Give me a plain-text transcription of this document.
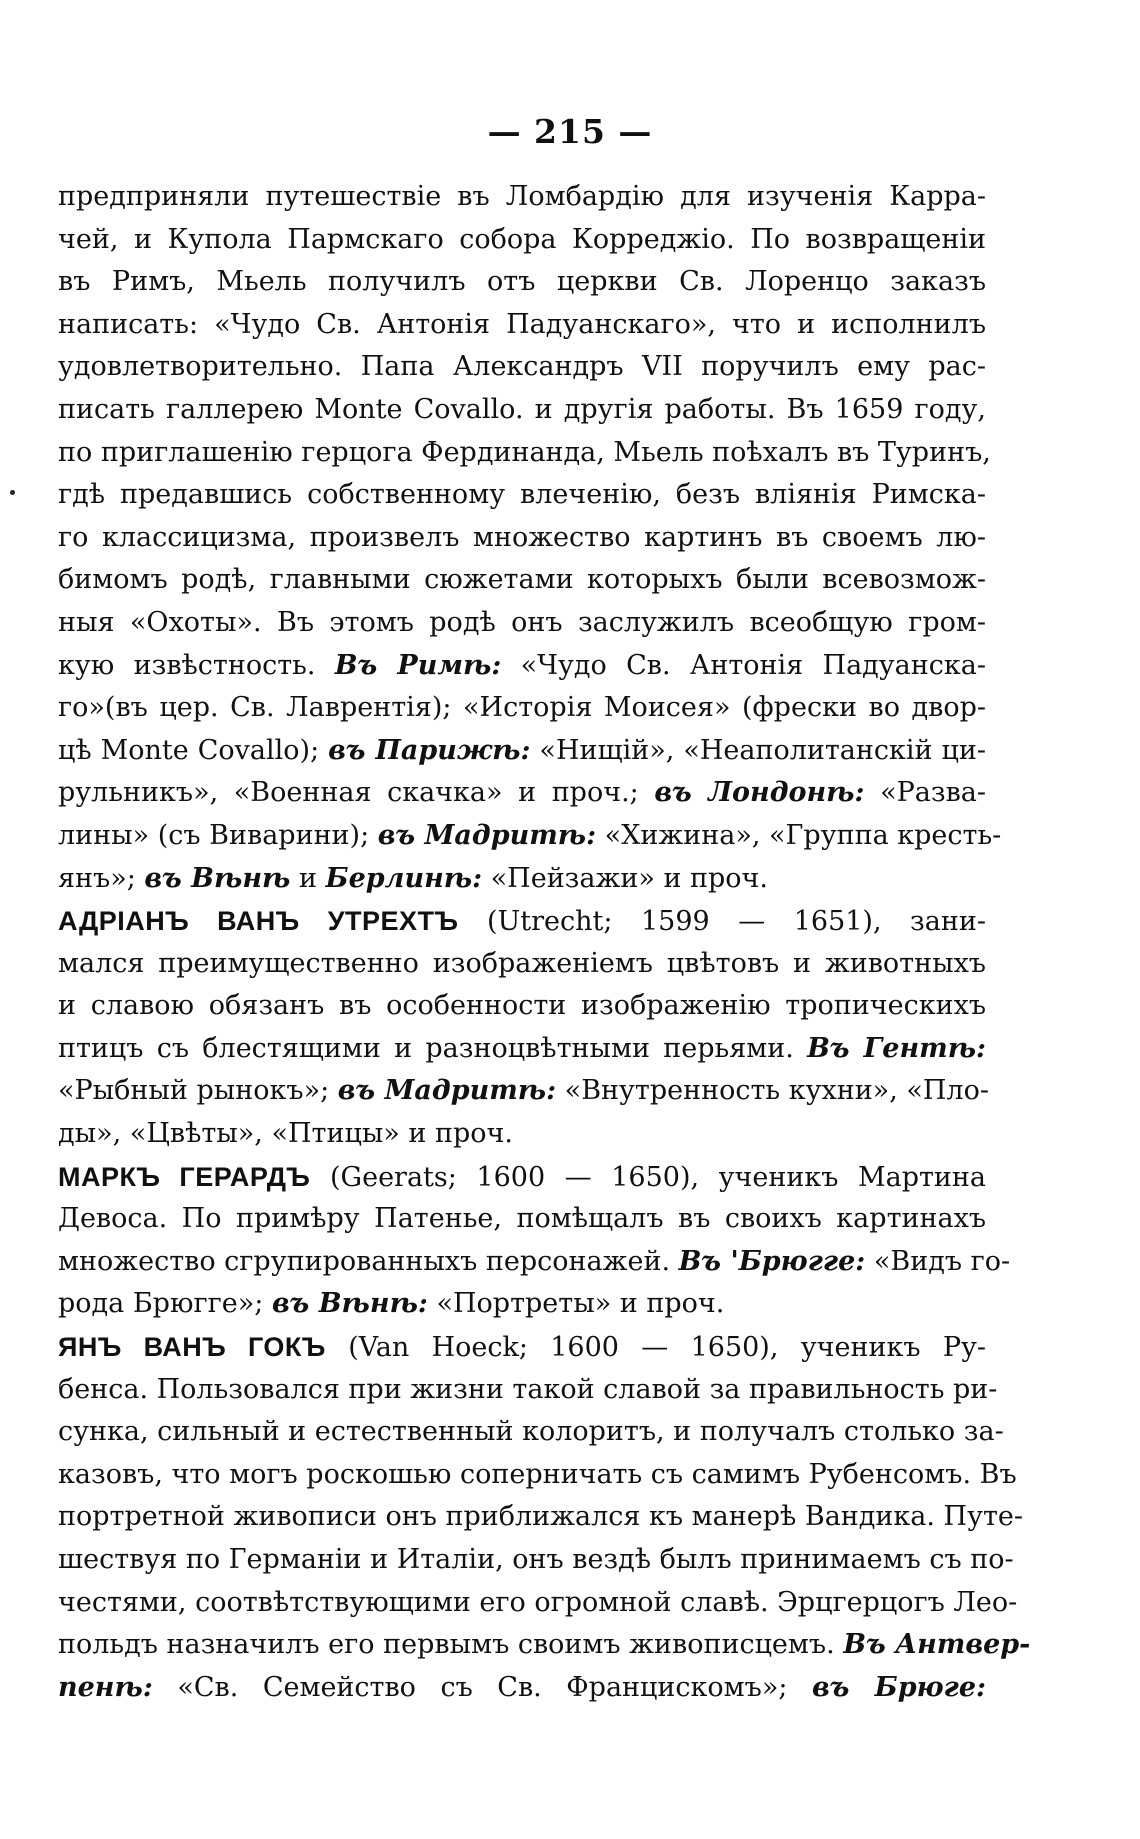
— 215 —
предприняли путешествіе въ Ломбардію для изученія Карра-
чей, и Купола Пармскаго собора Корреджіо. По возвращеніи
въ Римъ, Мьель получилъ отъ церкви Св. Лоренцо заказъ
написать: «Чудо Св. Антонія Падуанскаго», что и исполнилъ
удовлетворительно. Папа Александръ VII поручилъ ему рас-
писать галлерею Monte Covallo. и другія работы. Въ 1659 году,
по приглашенію герцога Фердинанда, Мьель поѣхалъ въ Туринъ,
гдѣ предавшись собственному влеченію, безъ вліянія Римска-
го классицизма, произвелъ множество картинъ въ своемъ лю-
бимомъ родѣ, главными сюжетами которыхъ были всевозмож-
ныя «Охоты». Въ этомъ родѣ онъ заслужилъ всеобщую гром-
кую извѣстность. Въ Римѣ: «Чудо Св. Антонія Падуанска-
го»(въ цер. Св. Лаврентія); «Исторія Моисея» (фрески во двор-
цѣ Monte Covallo); въ Парижѣ: «Нищій», «Неаполитанскій ци-
рульникъ», «Военная скачка» и проч.; въ Лондонѣ: «Разва-
лины» (съ Виварини); въ Мадритѣ: «Хижина», «Группа кресть-
янъ»; въ Вѣнѣ и Берлинѣ: «Пейзажи» и проч.
АДРІАНЪ ВАНЪ УТРЕХТЪ (Utrecht; 1599 — 1651), зани-
мался преимущественно изображеніемъ цвѣтовъ и животныхъ
и славою обязанъ въ особенности изображенію тропическихъ
птицъ съ блестящими и разноцвѣтными перьями. Въ Гентѣ:
«Рыбный рынокъ»; въ Мадритѣ: «Внутренность кухни», «Пло-
ды», «Цвѣты», «Птицы» и проч.
МАРКЪ ГЕРАРДЪ (Geerats; 1600 — 1650), ученикъ Мартина
Девоса. По примѣру Патенье, помѣщалъ въ своихъ картинахъ
множество сгрупированныхъ персонажей. Въ 'Брюгге: «Видъ го-
рода Брюгге»; въ Вѣнѣ: «Портреты» и проч.
ЯНЪ ВАНЪ ГОКЪ (Van Hoeck; 1600 — 1650), ученикъ Ру-
бенса. Пользовался при жизни такой славой за правильность ри-
сунка, сильный и естественный колоритъ, и получалъ столько за-
казовъ, что могъ роскошью соперничать съ самимъ Рубенсомъ. Въ
портретной живописи онъ приближался къ манерѣ Вандика. Путе-
шествуя по Германіи и Италіи, онъ вездѣ былъ принимаемъ съ по-
честями, соотвѣтствующими его огромной славѣ. Эрцгерцогъ Лео-
польдъ назначилъ его первымъ своимъ живописцемъ. Въ Антвер-
пенѣ: «Св. Семейство съ Св. Францискомъ»; въ Брюге:
